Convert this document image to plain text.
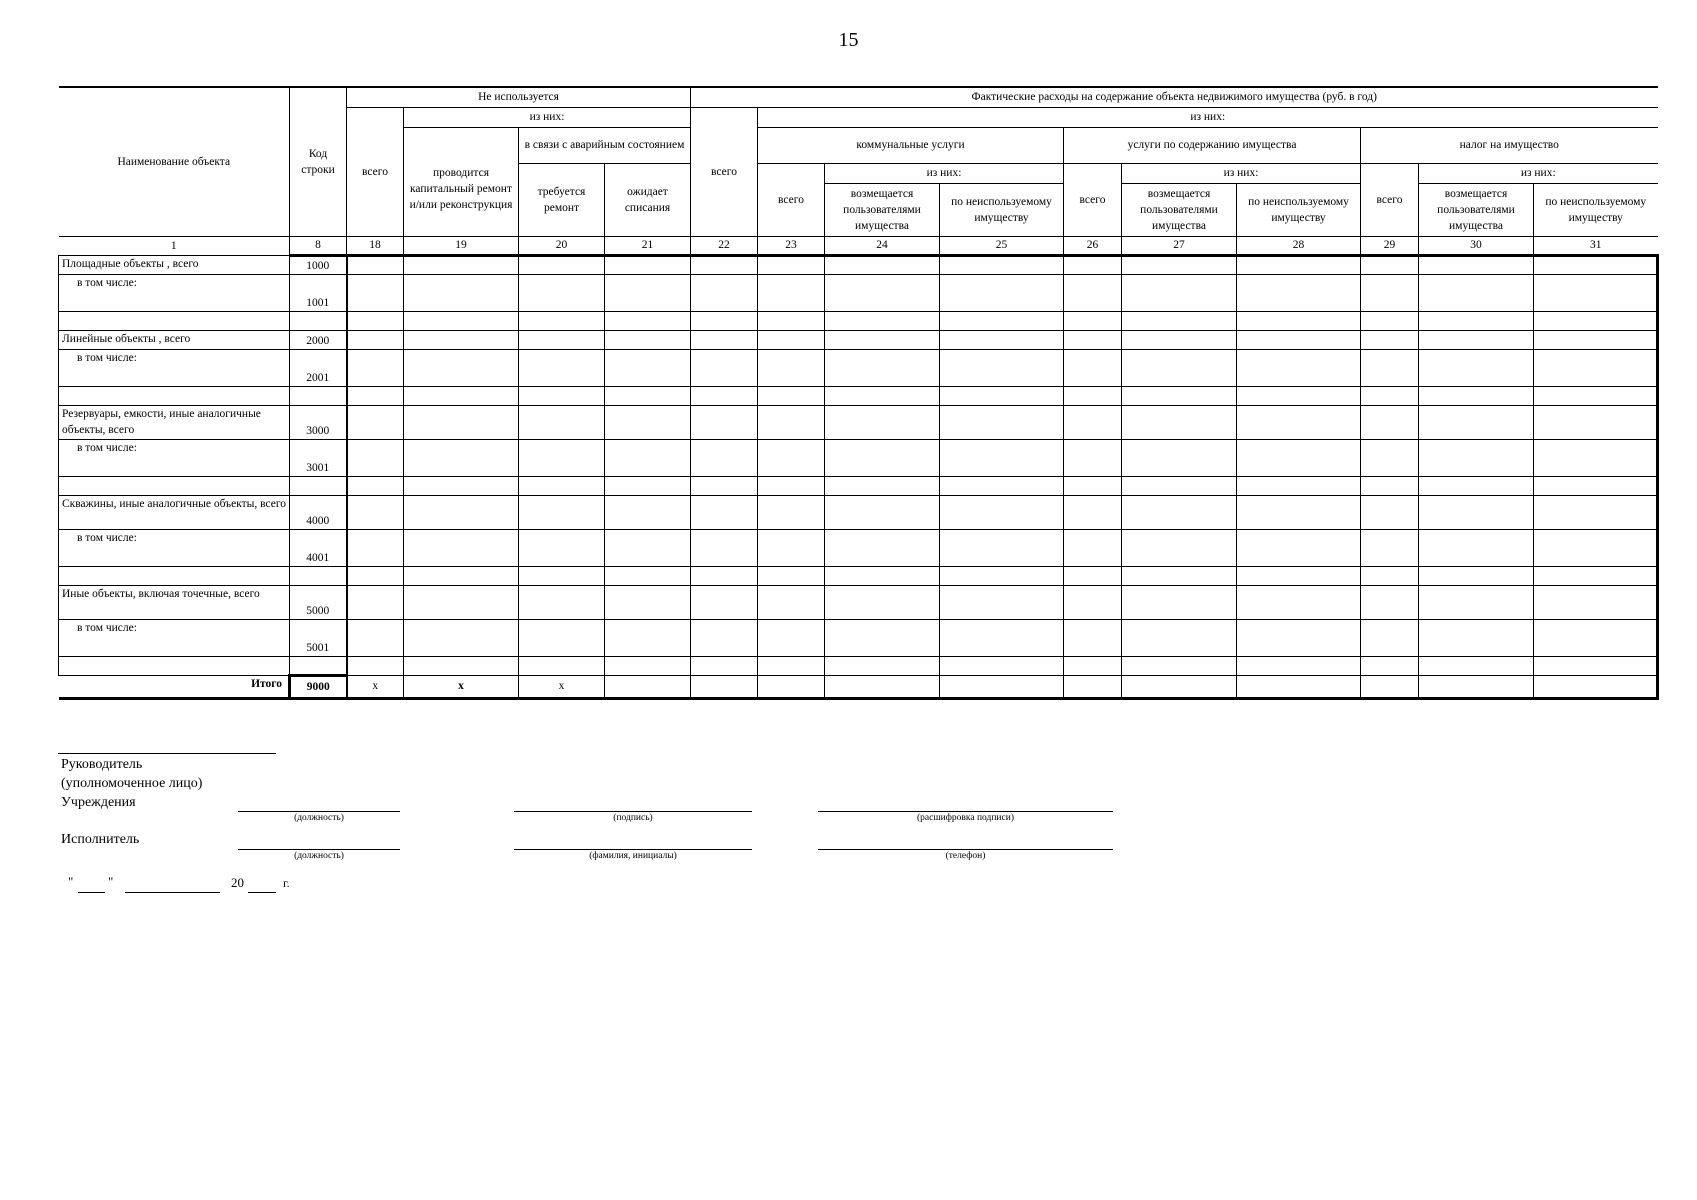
15
Наименование объекта	Код строки	Не используется				Фактические расходы на содержание объекта недвижимого имущества (руб. в год)									
		всего	из них:			всего	из них:								
			проводится капитальный ремонт и/или реконструкция	в связи с аварийным состоянием			коммунальные услуги			услуги по содержанию имущества			налог на имущество		
				требуется ремонт	ожидает списания		всего	из них:		всего	из них:		всего	из них:	
								возмещается пользователями имущества	по неиспользуемому имуществу		возмещается пользователями имущества	по неиспользуемому имуществу		возмещается пользователями имущества	по неиспользуемому имуществу

1	8	18	19	20	21	22	23	24	25	26	27	28	29	30	31
Площадные объекты , всего	1000														
в том числе:	1001														

Линейные объекты , всего	2000														
в том числе:	2001														

Резервуары, емкости, иные аналогичные объекты, всего	3000														
в том числе:	3001														

Скважины, иные аналогичные объекты, всего	4000														
в том числе:	4001														

Иные объекты, включая точечные, всего	5000														
в том числе:	5001														

Итого	9000	х	х	х											
Руководитель
(уполномоченное лицо)
Учреждения
(должность)	(подпись)	(расшифровка подписи)
Исполнитель
(должность)	(фамилия, инициалы)	(телефон)
"	"	20	г.
